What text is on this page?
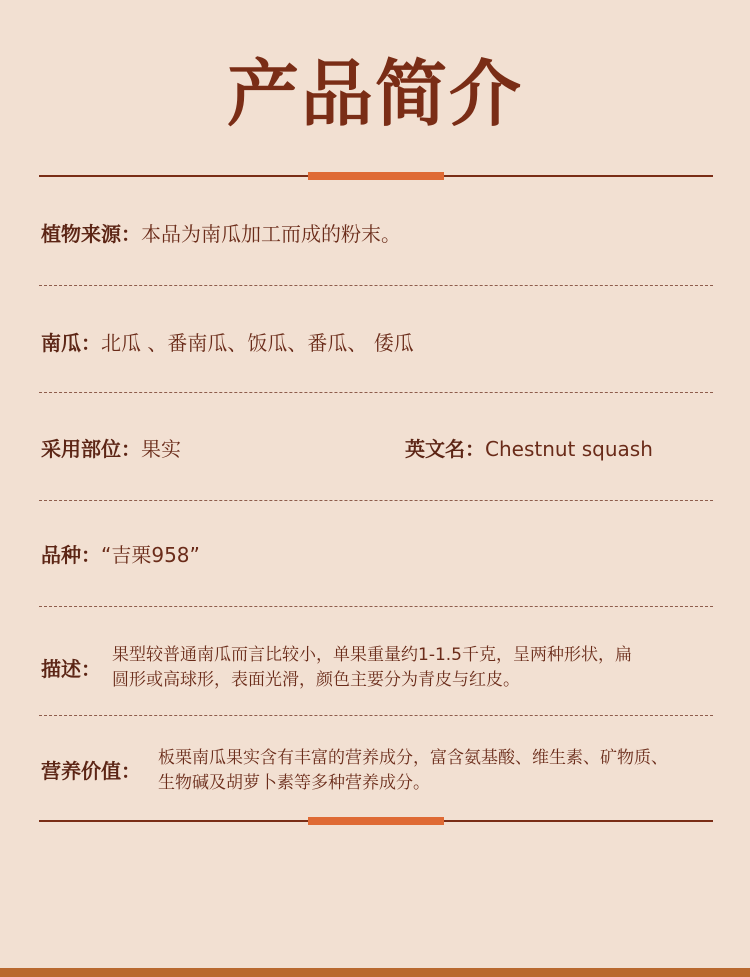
产品简介
植物来源：本品为南瓜加工而成的粉末。
南瓜：北瓜 、番南瓜、饭瓜、番瓜、 倭瓜
采用部位：果实	英文名：Chestnut squash
品种：“吉栗958”
描述：
果型较普通南瓜而言比较小，单果重量约1-1.5千克，呈两种形状，扁
圆形或高球形，表面光滑，颜色主要分为青皮与红皮。
营养价值：
板栗南瓜果实含有丰富的营养成分，富含氨基酸、维生素、矿物质、
生物碱及胡萝卜素等多种营养成分。
